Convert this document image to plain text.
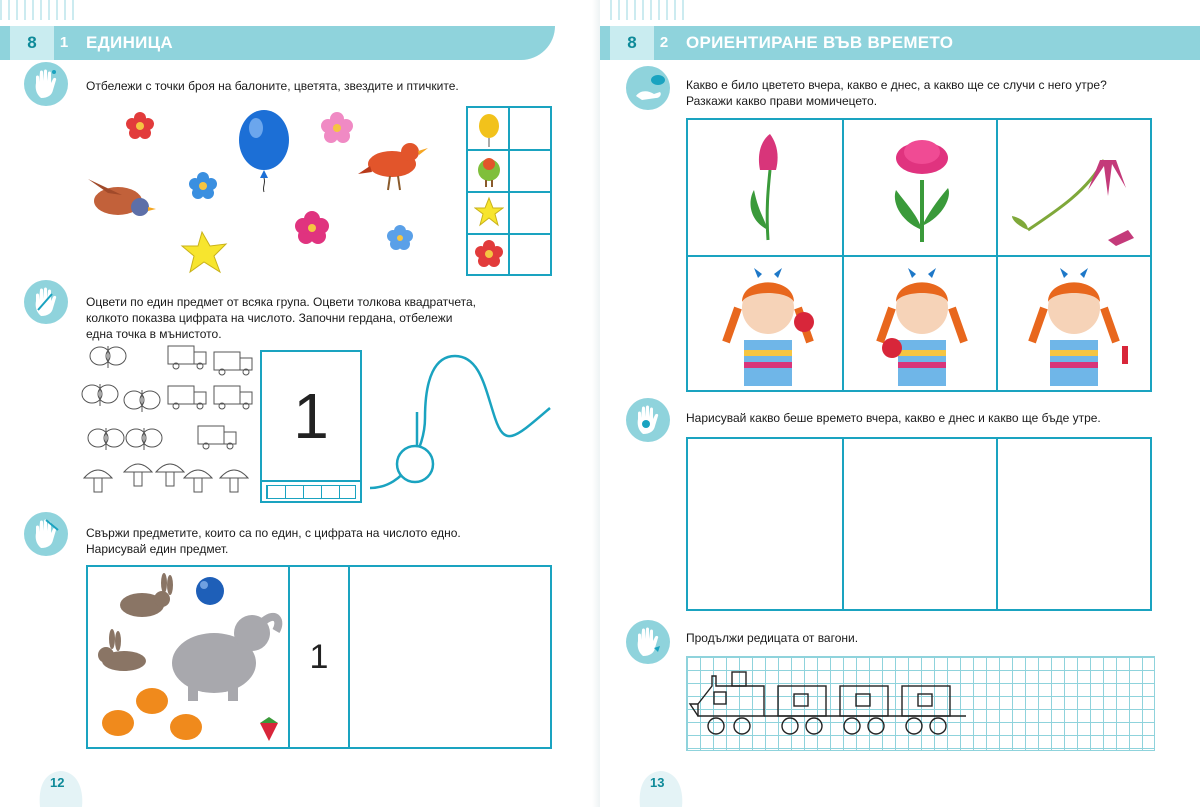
8	1	ЕДИНИЦА
Отбележи с точки броя на балоните, цветята, звездите и птичките.
Оцвети по един предмет от всяка група. Оцвети толкова квадратчета,
колкото показва цифрата на числото. Започни гердана, отбележи
една точка в мънистото.
1
Свържи предметите, които са по един, с цифрата на числото едно.
Нарисувай един предмет.
1
12
8	2	ОРИЕНТИРАНЕ ВЪВ ВРЕМЕТО
Какво е било цветето вчера, какво е днес, а какво ще се случи с него утре?
Разкажи какво прави момичецето.
Нарисувай какво беше времето вчера, какво е днес и какво ще бъде утре.
Продължи редицата от вагони.
13
